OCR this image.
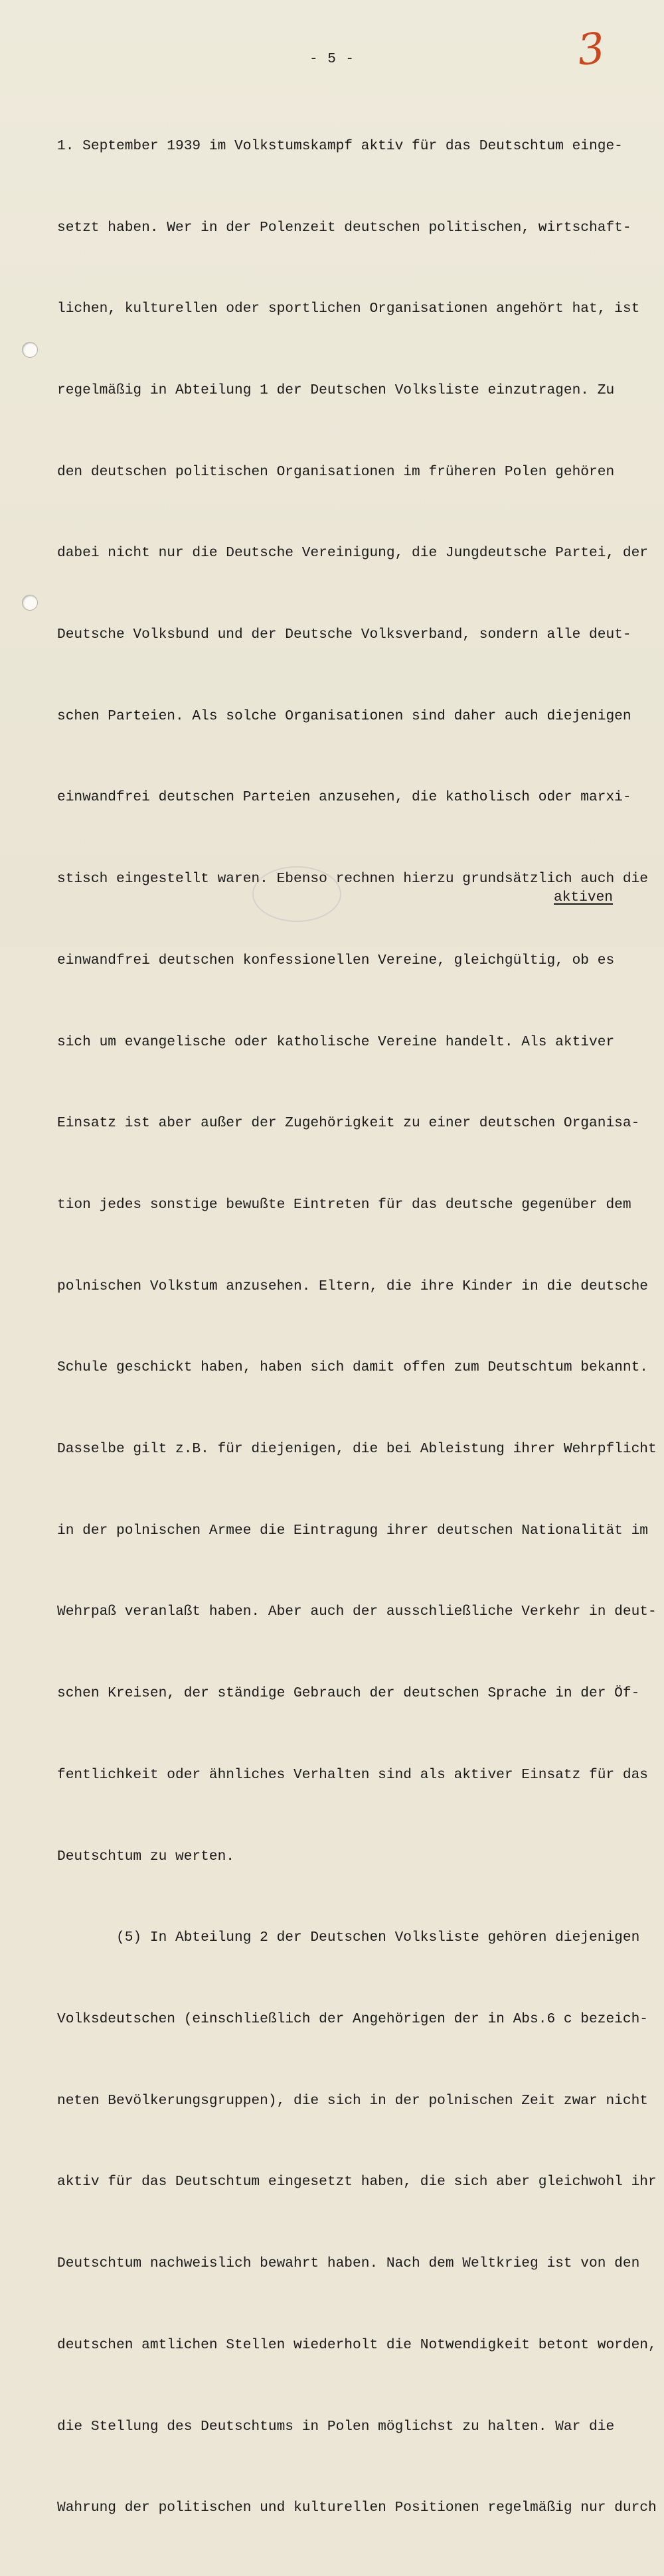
- 5 -	3

1. September 1939 im Volkstumskampf aktiv für das Deutschtum einge-

setzt haben. Wer in der Polenzeit deutschen politischen, wirtschaft-

lichen, kulturellen oder sportlichen Organisationen angehört hat, ist

regelmäßig in Abteilung 1 der Deutschen Volksliste einzutragen. Zu

den deutschen politischen Organisationen im früheren Polen gehören

dabei nicht nur die Deutsche Vereinigung, die Jungdeutsche Partei, der

Deutsche Volksbund und der Deutsche Volksverband, sondern alle deut-

schen Parteien. Als solche Organisationen sind daher auch diejenigen

einwandfrei deutschen Parteien anzusehen, die katholisch oder marxi-

stisch eingestellt waren. Ebenso rechnen hierzu grundsätzlich auch die

einwandfrei deutschen konfessionellen Vereine, gleichgültig, ob es

sich um evangelische oder katholische Vereine handelt. Als aktiver

Einsatz ist aber außer der Zugehörigkeit zu einer deutschen Organisa-

tion jedes sonstige bewußte Eintreten für das deutsche gegenüber dem

polnischen Volkstum anzusehen. Eltern, die ihre Kinder in die deutsche

Schule geschickt haben, haben sich damit offen zum Deutschtum bekannt.

Dasselbe gilt z.B. für diejenigen, die bei Ableistung ihrer Wehrpflicht

in der polnischen Armee die Eintragung ihrer deutschen Nationalität im

Wehrpaß veranlaßt haben. Aber auch der ausschließliche Verkehr in deut-

schen Kreisen, der ständige Gebrauch der deutschen Sprache in der Öf-

fentlichkeit oder ähnliches Verhalten sind als aktiver Einsatz für das

Deutschtum zu werten.

(5) In Abteilung 2 der Deutschen Volksliste gehören diejenigen

Volksdeutschen (einschließlich der Angehörigen der in Abs.6 c bezeich-

neten Bevölkerungsgruppen), die sich in der polnischen Zeit zwar nicht

aktiv für das Deutschtum eingesetzt haben, die sich aber gleichwohl ihr

Deutschtum nachweislich bewahrt haben. Nach dem Weltkrieg ist von den

deutschen amtlichen Stellen wiederholt die Notwendigkeit betont worden,

die Stellung des Deutschtums in Polen möglichst zu halten. War die

Wahrung der politischen und kulturellen Positionen regelmäßig nur durch

aktiven
